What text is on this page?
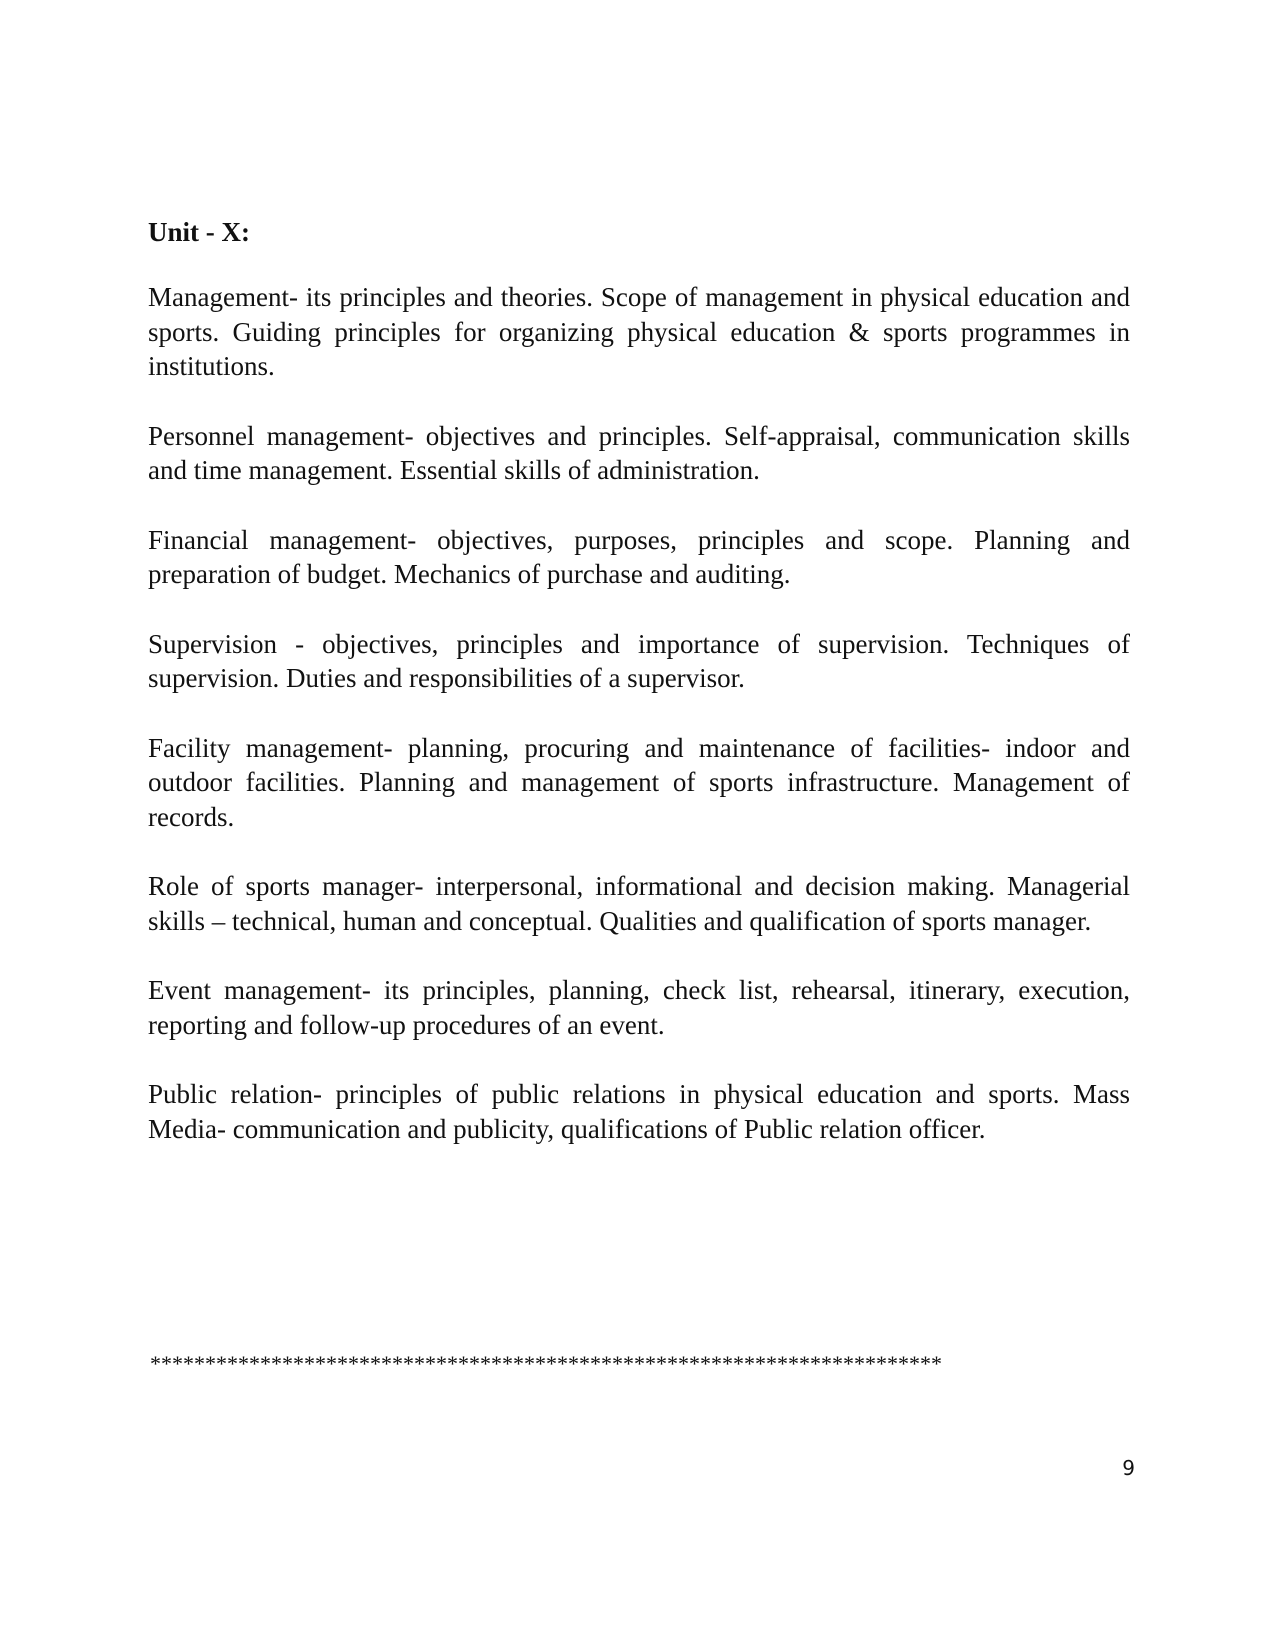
Unit - X:

Management- its principles and theories. Scope of management in physical education and sports. Guiding principles for organizing physical education & sports programmes in institutions.

Personnel management- objectives and principles. Self-appraisal, communication skills and time management. Essential skills of administration.

Financial management- objectives, purposes, principles and scope. Planning and preparation of budget. Mechanics of purchase and auditing.

Supervision - objectives, principles and importance of supervision. Techniques of supervision. Duties and responsibilities of a supervisor.

Facility management- planning, procuring and maintenance of facilities- indoor and outdoor facilities. Planning and management of sports infrastructure. Management of records.

Role of sports manager- interpersonal, informational and decision making. Managerial skills – technical, human and conceptual. Qualities and qualification of sports manager.

Event management- its principles, planning, check list, rehearsal, itinerary, execution, reporting and follow-up procedures of an event.

Public relation- principles of public relations in physical education and sports. Mass Media- communication and publicity, qualifications of Public relation officer.

************************************************************************
9
